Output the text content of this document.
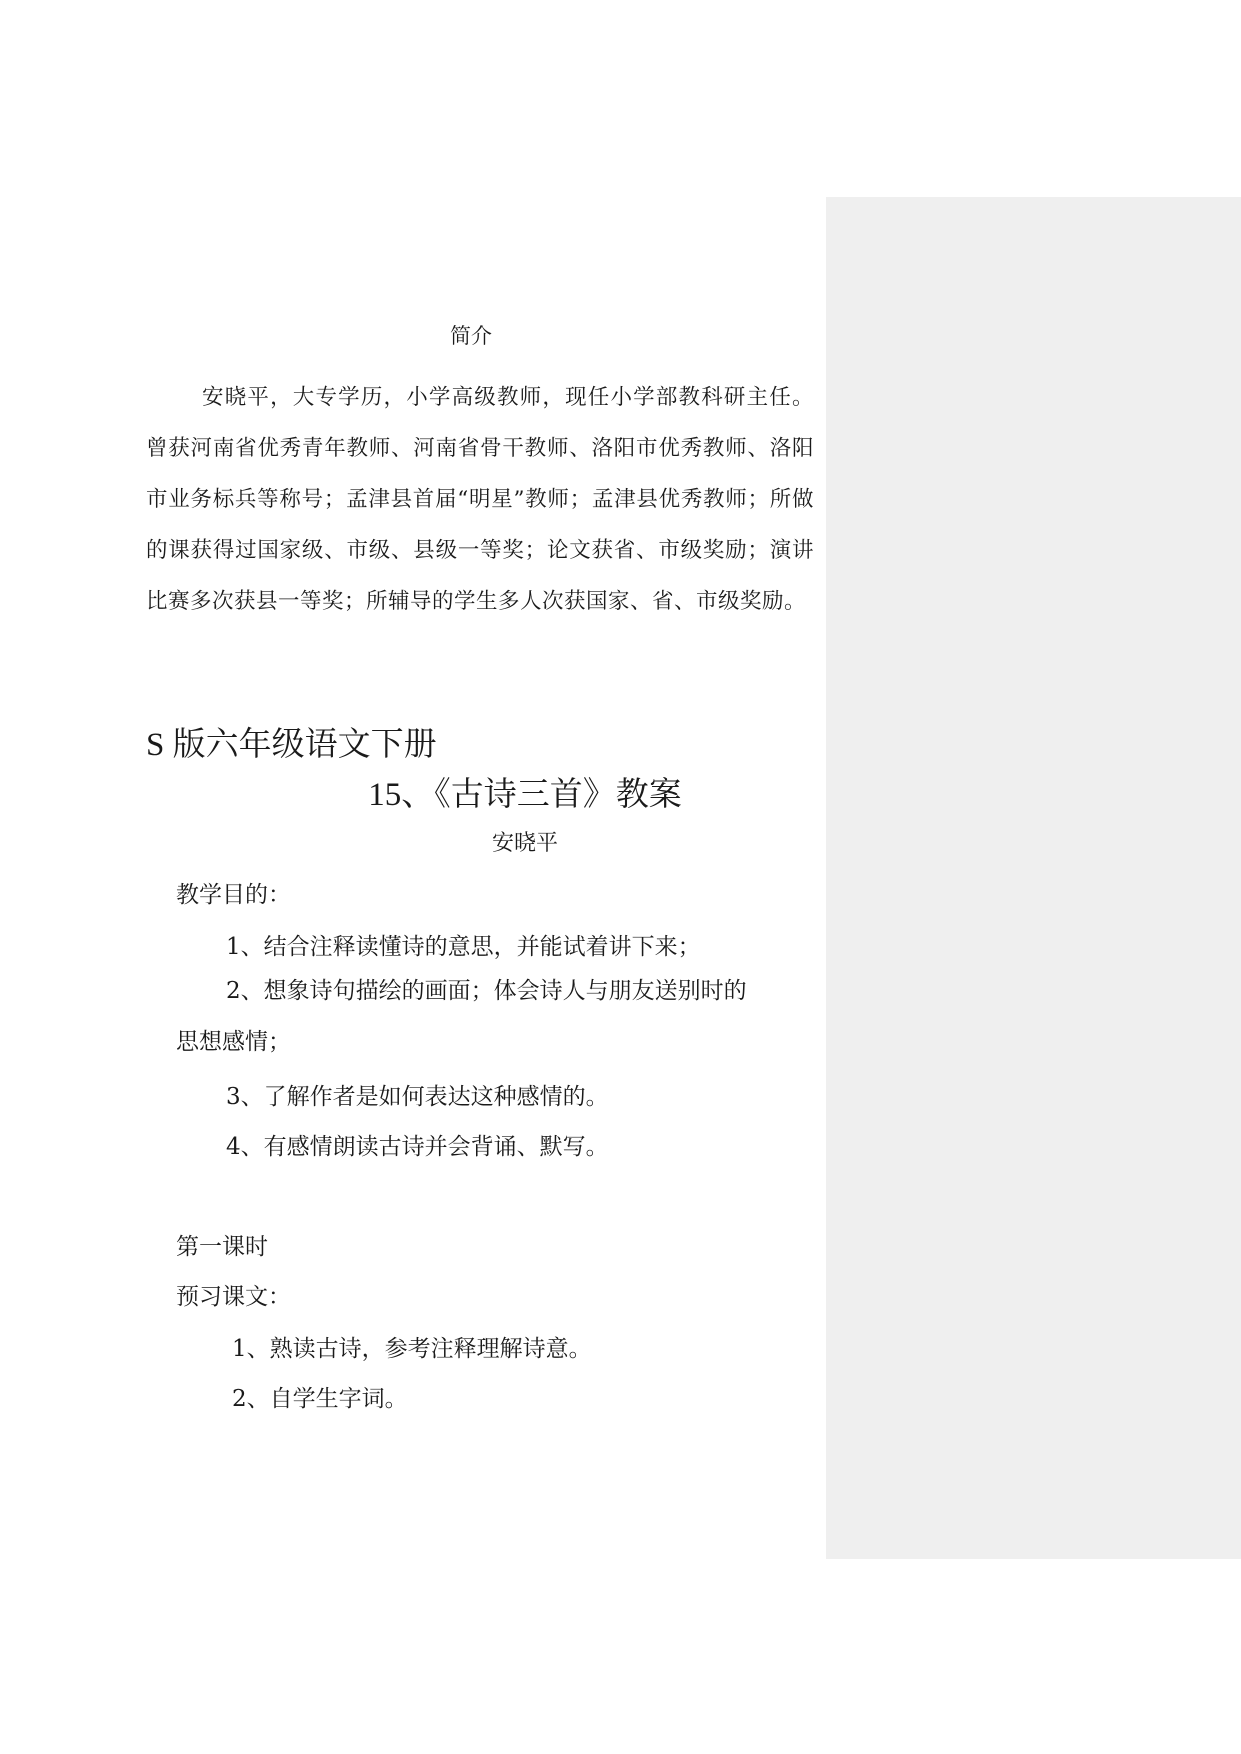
简介
安晓平，大专学历，小学高级教师，现任小学部教科研主任。曾获河南省优秀青年教师、河南省骨干教师、洛阳市优秀教师、洛阳市业务标兵等称号；孟津县首届“明星”教师；孟津县优秀教师；所做的课获得过国家级、市级、县级一等奖；论文获省、市级奖励；演讲比赛多次获县一等奖；所辅导的学生多人次获国家、省、市级奖励。
S 版六年级语文下册
15、《古诗三首》教案
安晓平
教学目的：
1、结合注释读懂诗的意思，并能试着讲下来；
2、想象诗句描绘的画面；体会诗人与朋友送别时的思想感情；
3、了解作者是如何表达这种感情的。
4、有感情朗读古诗并会背诵、默写。
第一课时
预习课文：
1、熟读古诗，参考注释理解诗意。
2、自学生字词。
